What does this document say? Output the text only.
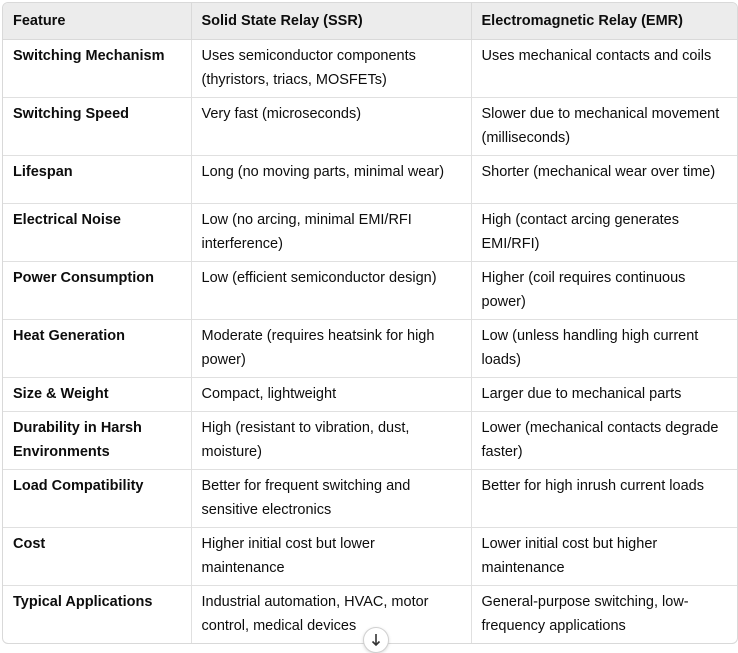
Feature	Solid State Relay (SSR)	Electromagnetic Relay (EMR)
Switching Mechanism	Uses semiconductor components (thyristors, triacs, MOSFETs)	Uses mechanical contacts and coils
Switching Speed	Very fast (microseconds)	Slower due to mechanical movement (milliseconds)
Lifespan	Long (no moving parts, minimal wear)	Shorter (mechanical wear over time)
Electrical Noise	Low (no arcing, minimal EMI/RFI interference)	High (contact arcing generates EMI/RFI)
Power Consumption	Low (efficient semiconductor design)	Higher (coil requires continuous power)
Heat Generation	Moderate (requires heatsink for high power)	Low (unless handling high current loads)
Size & Weight	Compact, lightweight	Larger due to mechanical parts
Durability in Harsh Environments	High (resistant to vibration, dust, moisture)	Lower (mechanical contacts degrade faster)
Load Compatibility	Better for frequent switching and sensitive electronics	Better for high inrush current loads
Cost	Higher initial cost but lower maintenance	Lower initial cost but higher maintenance
Typical Applications	Industrial automation, HVAC, motor control, medical devices	General-purpose switching, low-frequency applications
